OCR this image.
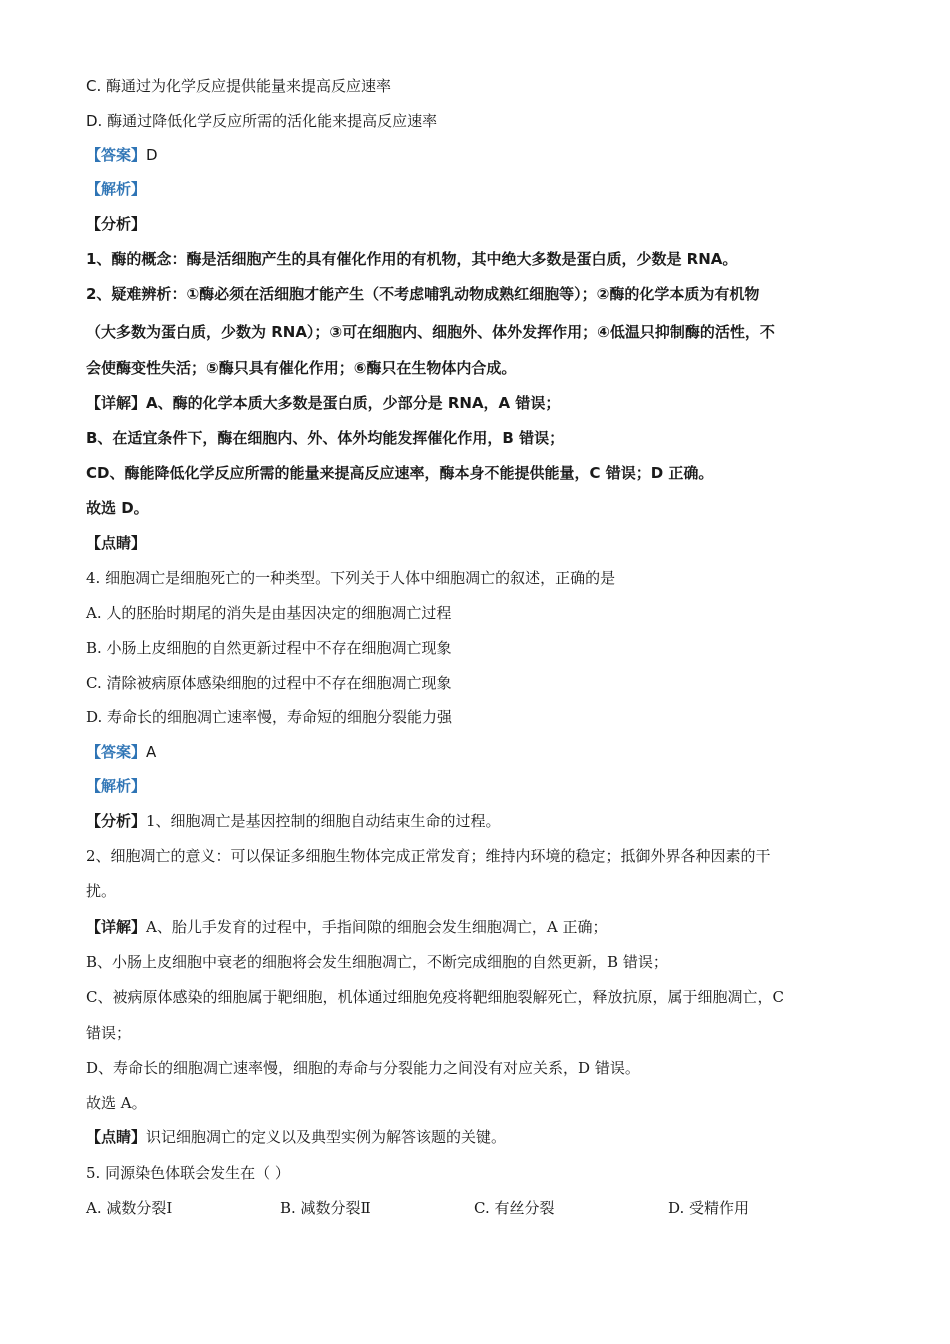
C. 酶通过为化学反应提供能量来提高反应速率
D. 酶通过降低化学反应所需的活化能来提高反应速率
【答案】D
【解析】
【分析】
1、酶的概念：酶是活细胞产生的具有催化作用的有机物，其中绝大多数是蛋白质，少数是 RNA。
2、疑难辨析：①酶必须在活细胞才能产生（不考虑哺乳动物成熟红细胞等）；②酶的化学本质为有机物
（大多数为蛋白质，少数为 RNA）；③可在细胞内、细胞外、体外发挥作用；④低温只抑制酶的活性，不
会使酶变性失活；⑤酶只具有催化作用；⑥酶只在生物体内合成。
【详解】A、酶的化学本质大多数是蛋白质，少部分是 RNA，A 错误；
B、在适宜条件下，酶在细胞内、外、体外均能发挥催化作用，B 错误；
CD、酶能降低化学反应所需的能量来提高反应速率，酶本身不能提供能量，C 错误；D 正确。
故选 D。
【点睛】
4. 细胞凋亡是细胞死亡的一种类型。下列关于人体中细胞凋亡的叙述，正确的是
A. 人的胚胎时期尾的消失是由基因决定的细胞凋亡过程
B. 小肠上皮细胞的自然更新过程中不存在细胞凋亡现象
C. 清除被病原体感染细胞的过程中不存在细胞凋亡现象
D. 寿命长的细胞凋亡速率慢，寿命短的细胞分裂能力强
【答案】A
【解析】
【分析】1、细胞凋亡是基因控制的细胞自动结束生命的过程。
2、细胞凋亡的意义：可以保证多细胞生物体完成正常发育；维持内环境的稳定；抵御外界各种因素的干
扰。
【详解】A、胎儿手发育的过程中，手指间隙的细胞会发生细胞凋亡，A 正确；
B、小肠上皮细胞中衰老的细胞将会发生细胞凋亡，不断完成细胞的自然更新，B 错误；
C、被病原体感染的细胞属于靶细胞，机体通过细胞免疫将靶细胞裂解死亡，释放抗原，属于细胞凋亡，C
错误；
D、寿命长的细胞凋亡速率慢，细胞的寿命与分裂能力之间没有对应关系，D 错误。
故选 A。
【点睛】识记细胞凋亡的定义以及典型实例为解答该题的关键。
5. 同源染色体联会发生在（ ）
A. 减数分裂Ⅰ	B. 减数分裂Ⅱ	C. 有丝分裂	D. 受精作用
